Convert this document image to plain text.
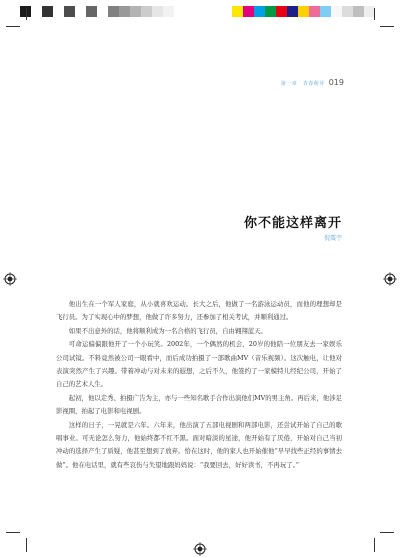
第一章　青春萌芽 019
你不能这样离开
倪震宇

他出生在一个军人家庭，从小就喜欢运动。长大之后，他做了一名游泳运动员，而他的理想却是飞行员。为了实现心中的梦想，他做了许多努力，还参加了相关考试，并顺利通过。

如果不出意外的话，他将顺利成为一名合格的飞行员，自由翱翔蓝天。

可命运偏偏跟他开了一个小玩笑。2002年，一个偶然的机会，20岁的他陪一位朋友去一家娱乐公司试镜。不料竟然被公司一眼看中，而后成功拍摄了一部歌曲MV（音乐视频）。这次触电，让他对表演突然产生了兴趣。带着冲动与对未来的遐想，之后不久，他签约了一家模特儿经纪公司，开始了自己的艺术人生。

起初，他以走秀、拍摄广告为主，亦与一些知名歌手合作出演他们MV的男主角。再后来，他涉足影视圈，拍起了电影和电视剧。

这样的日子，一晃就是六年。六年来，他出演了五部电视剧和两部电影，还尝试开始了自己的歌唱事业。可无论怎么努力，他始终都不红不黑。面对暗淡的星途，他开始有了厌倦，开始对自己当初冲动的选择产生了质疑，他甚至想到了放弃。恰在这时，他的家人也开始催他“早早找些正经的事情去做”。他在电话里，就有些哀伤与失望地跟妈妈说：“我要回去，好好读书，不再玩了。”
